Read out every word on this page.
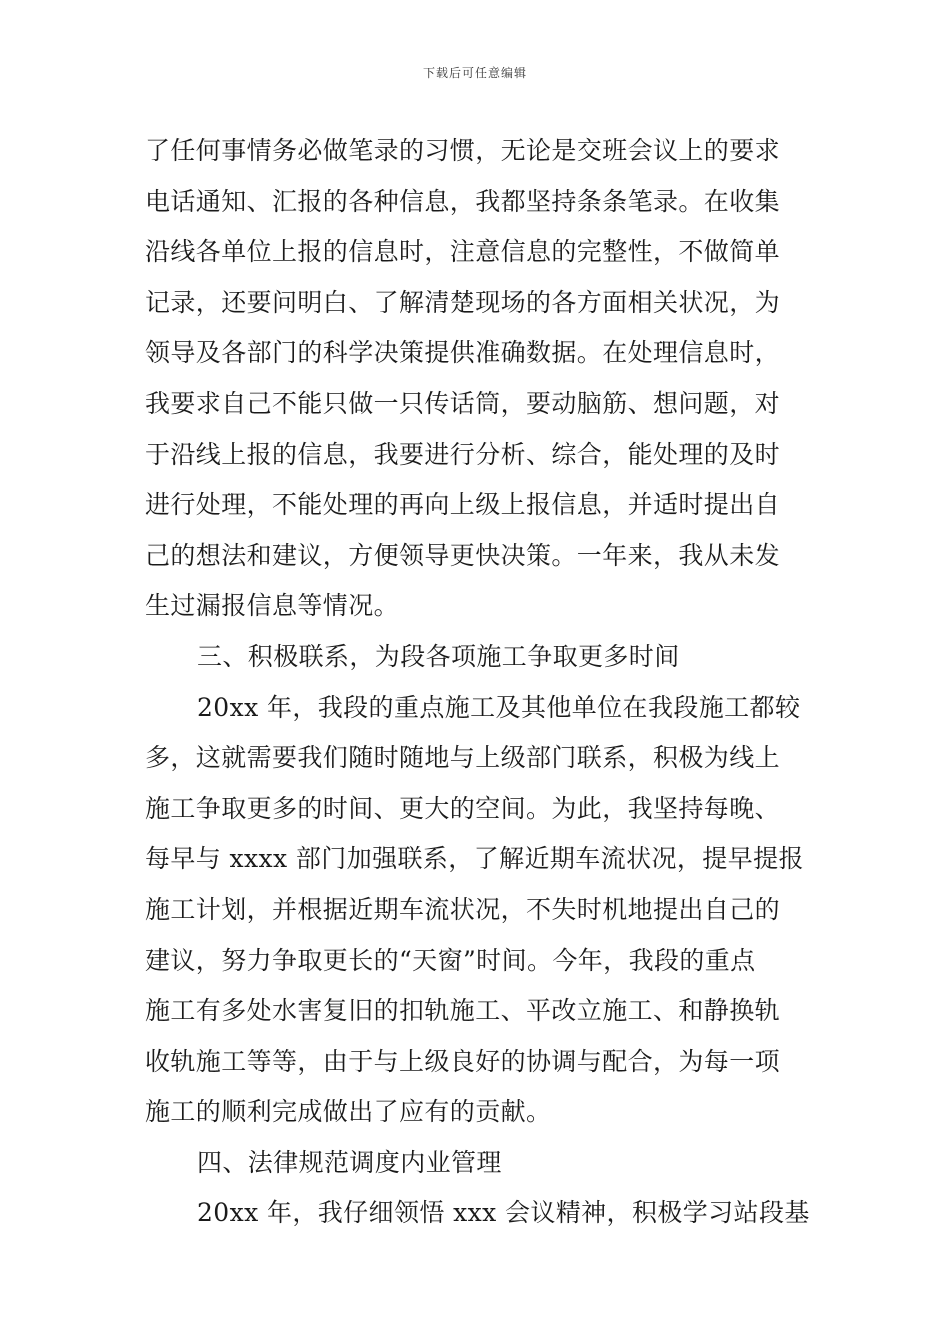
下载后可任意编辑
了任何事情务必做笔录的习惯，无论是交班会议上的要求
电话通知、汇报的各种信息，我都坚持条条笔录。在收集
沿线各单位上报的信息时，注意信息的完整性，不做简单
记录，还要问明白、了解清楚现场的各方面相关状况，为
领导及各部门的科学决策提供准确数据。在处理信息时，
我要求自己不能只做一只传话筒，要动脑筋、想问题，对
于沿线上报的信息，我要进行分析、综合，能处理的及时
进行处理，不能处理的再向上级上报信息，并适时提出自
己的想法和建议，方便领导更快决策。一年来，我从未发
生过漏报信息等情况。
三、积极联系，为段各项施工争取更多时间
20xx 年，我段的重点施工及其他单位在我段施工都较
多，这就需要我们随时随地与上级部门联系，积极为线上
施工争取更多的时间、更大的空间。为此，我坚持每晚、
每早与 xxxx 部门加强联系，了解近期车流状况，提早提报
施工计划，并根据近期车流状况，不失时机地提出自己的
建议，努力争取更长的“天窗”时间。今年，我段的重点
施工有多处水害复旧的扣轨施工、平改立施工、和静换轨
收轨施工等等，由于与上级良好的协调与配合，为每一项
施工的顺利完成做出了应有的贡献。
四、法律规范调度内业管理
20xx 年，我仔细领悟 xxx 会议精神，积极学习站段基
